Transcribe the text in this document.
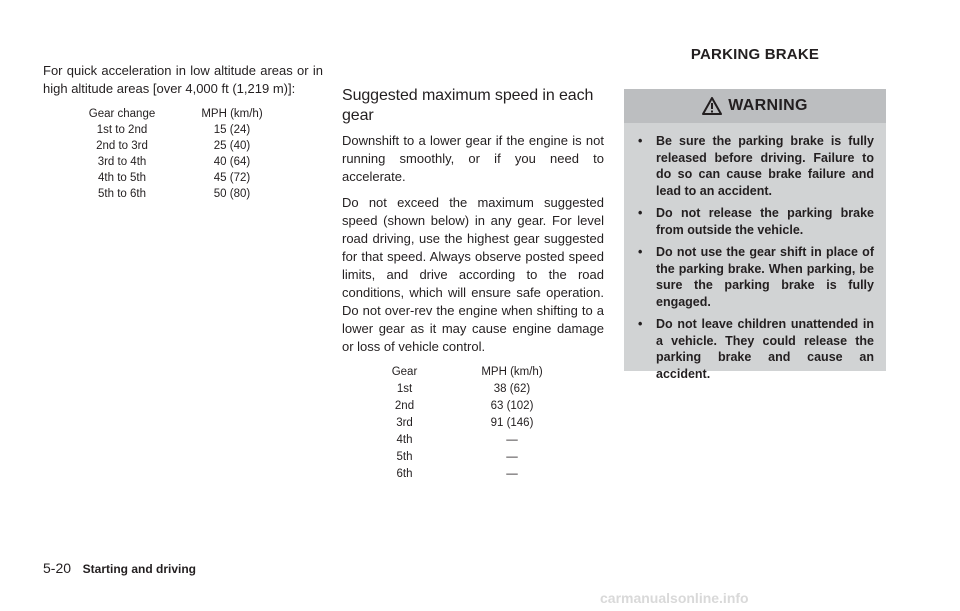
For quick acceleration in low altitude areas or in high altitude areas [over 4,000 ft (1,219 m)]:

Gear change	MPH (km/h)
1st to 2nd	15 (24)
2nd to 3rd	25 (40)
3rd to 4th	40 (64)
4th to 5th	45 (72)
5th to 6th	50 (80)
Suggested maximum speed in each gear

Downshift to a lower gear if the engine is not running smoothly, or if you need to accelerate.

Do not exceed the maximum suggested speed (shown below) in any gear. For level road driving, use the highest gear suggested for that speed. Always observe posted speed limits, and drive according to the road conditions, which will ensure safe operation. Do not over-rev the engine when shifting to a lower gear as it may cause engine damage or loss of vehicle control.

Gear	MPH (km/h)
1st	38 (62)
2nd	63 (102)
3rd	91 (146)
4th	—
5th	—
6th	—
PARKING BRAKE
WARNING
• Be sure the parking brake is fully released before driving. Failure to do so can cause brake failure and lead to an accident.
• Do not release the parking brake from outside the vehicle.
• Do not use the gear shift in place of the parking brake. When parking, be sure the parking brake is fully engaged.
• Do not leave children unattended in a vehicle. They could release the parking brake and cause an accident.
5-20 Starting and driving
carmanualsonline.info
